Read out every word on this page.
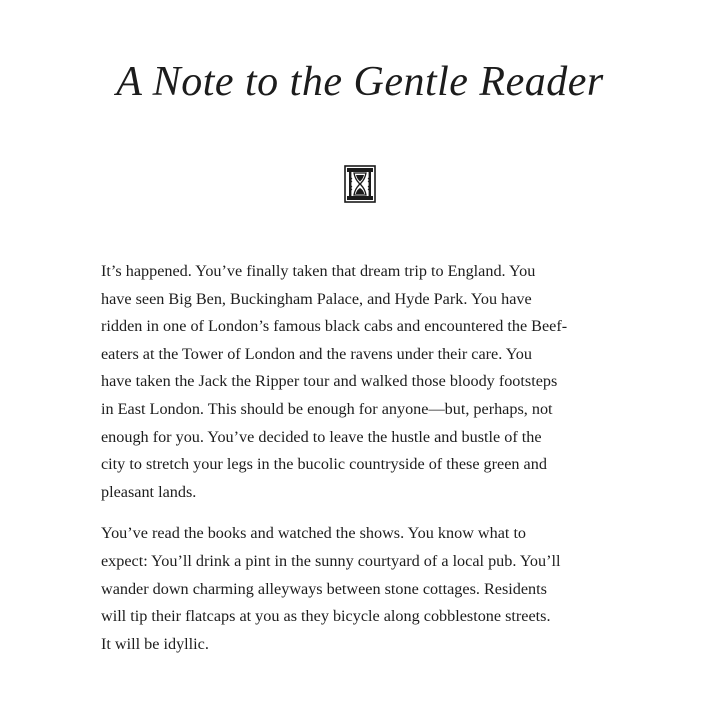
A Note to the Gentle Reader

It’s happened. You’ve finally taken that dream trip to England. You
have seen Big Ben, Buckingham Palace, and Hyde Park. You have
ridden in one of London’s famous black cabs and encountered the Beef-
eaters at the Tower of London and the ravens under their care. You
have taken the Jack the Ripper tour and walked those bloody footsteps
in East London. This should be enough for anyone—but, perhaps, not
enough for you. You’ve decided to leave the hustle and bustle of the
city to stretch your legs in the bucolic countryside of these green and
pleasant lands.

You’ve read the books and watched the shows. You know what to
expect: You’ll drink a pint in the sunny courtyard of a local pub. You’ll
wander down charming alleyways between stone cottages. Residents
will tip their flatcaps at you as they bicycle along cobblestone streets.
It will be idyllic.
